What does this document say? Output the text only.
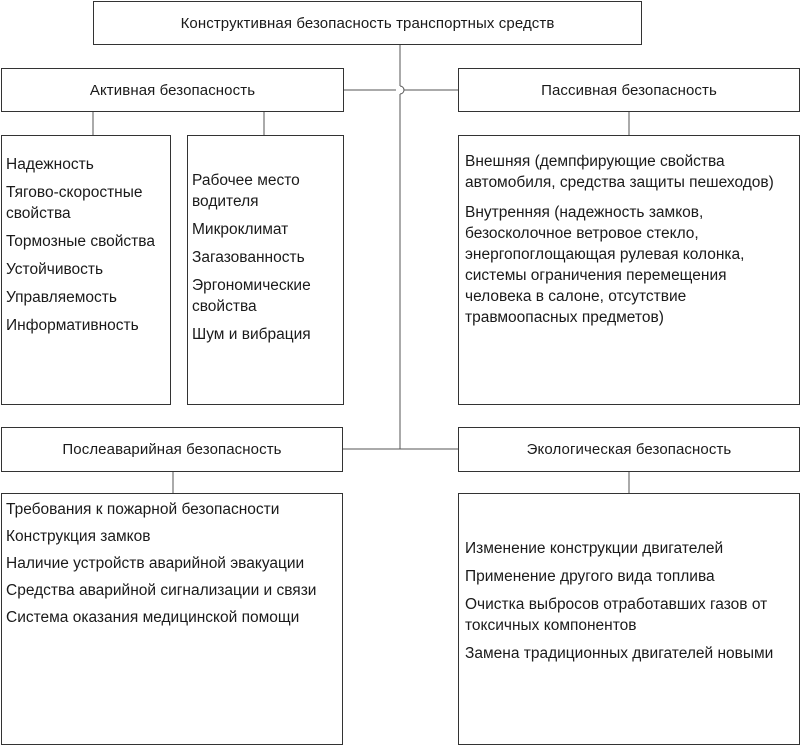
Конструктивная безопасность транспортных средств
Активная безопасность	Пассивная безопасность
Надежность
Тягово-скоростные свойства
Тормозные свойства
Устойчивость
Управляемость
Информативность
Рабочее место водителя
Микроклимат
Загазованность
Эргономические свойства
Шум и вибрация
Внешняя (демпфирующие свойства автомобиля, средства защиты пешеходов)
Внутренняя (надежность замков, безосколочное ветровое стекло, энергопоглощающая рулевая колонка, системы ограничения перемещения человека в салоне, отсутствие травмоопасных предметов)
Послеаварийная безопасность	Экологическая безопасность
Требования к пожарной безопасности
Конструкция замков
Наличие устройств аварийной эвакуации
Средства аварийной сигнализации и связи
Система оказания медицинской помощи
Изменение конструкции двигателей
Применение другого вида топлива
Очистка выбросов отработавших газов от токсичных компонентов
Замена традиционных двигателей новыми
